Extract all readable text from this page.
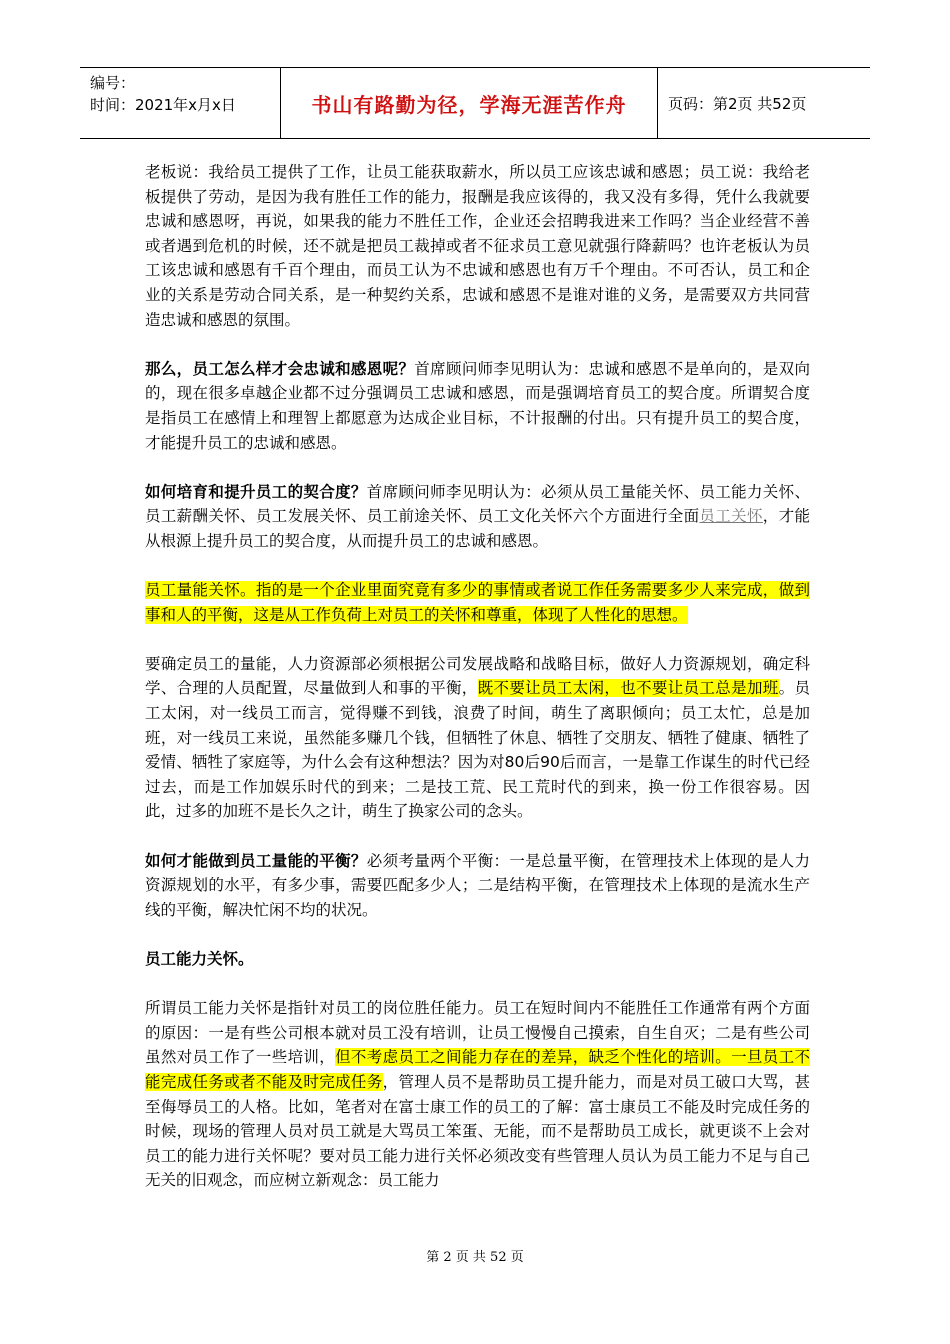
编号：
时间：2021年x月x日	书山有路勤为径，学海无涯苦作舟	页码：第2页 共52页

老板说：我给员工提供了工作，让员工能获取薪水，所以员工应该忠诚和感恩；员工说：我给老板提供了劳动，是因为我有胜任工作的能力，报酬是我应该得的，我又没有多得，凭什么我就要忠诚和感恩呀，再说，如果我的能力不胜任工作，企业还会招聘我进来工作吗？当企业经营不善或者遇到危机的时候，还不就是把员工裁掉或者不征求员工意见就强行降薪吗？也许老板认为员工该忠诚和感恩有千百个理由，而员工认为不忠诚和感恩也有万千个理由。不可否认，员工和企业的关系是劳动合同关系，是一种契约关系，忠诚和感恩不是谁对谁的义务，是需要双方共同营造忠诚和感恩的氛围。

那么，员工怎么样才会忠诚和感恩呢？首席顾问师李见明认为：忠诚和感恩不是单向的，是双向的，现在很多卓越企业都不过分强调员工忠诚和感恩，而是强调培育员工的契合度。所谓契合度是指员工在感情上和理智上都愿意为达成企业目标，不计报酬的付出。只有提升员工的契合度，才能提升员工的忠诚和感恩。

如何培育和提升员工的契合度？首席顾问师李见明认为：必须从员工量能关怀、员工能力关怀、员工薪酬关怀、员工发展关怀、员工前途关怀、员工文化关怀六个方面进行全面员工关怀，才能从根源上提升员工的契合度，从而提升员工的忠诚和感恩。

员工量能关怀。指的是一个企业里面究竟有多少的事情或者说工作任务需要多少人来完成，做到事和人的平衡，这是从工作负荷上对员工的关怀和尊重，体现了人性化的思想。

要确定员工的量能，人力资源部必须根据公司发展战略和战略目标，做好人力资源规划，确定科学、合理的人员配置，尽量做到人和事的平衡，既不要让员工太闲，也不要让员工总是加班。员工太闲，对一线员工而言，觉得赚不到钱，浪费了时间，萌生了离职倾向；员工太忙，总是加班，对一线员工来说，虽然能多赚几个钱，但牺牲了休息、牺牲了交朋友、牺牲了健康、牺牲了爱情、牺牲了家庭等，为什么会有这种想法？因为对80后90后而言，一是靠工作谋生的时代已经过去，而是工作加娱乐时代的到来；二是技工荒、民工荒时代的到来，换一份工作很容易。因此，过多的加班不是长久之计，萌生了换家公司的念头。

如何才能做到员工量能的平衡？必须考量两个平衡：一是总量平衡，在管理技术上体现的是人力资源规划的水平，有多少事，需要匹配多少人；二是结构平衡，在管理技术上体现的是流水生产线的平衡，解决忙闲不均的状况。

员工能力关怀。

所谓员工能力关怀是指针对员工的岗位胜任能力。员工在短时间内不能胜任工作通常有两个方面的原因：一是有些公司根本就对员工没有培训，让员工慢慢自己摸索，自生自灭；二是有些公司虽然对员工作了一些培训，但不考虑员工之间能力存在的差异，缺乏个性化的培训。一旦员工不能完成任务或者不能及时完成任务，管理人员不是帮助员工提升能力，而是对员工破口大骂，甚至侮辱员工的人格。比如，笔者对在富士康工作的员工的了解：富士康员工不能及时完成任务的时候，现场的管理人员对员工就是大骂员工笨蛋、无能，而不是帮助员工成长，就更谈不上会对员工的能力进行关怀呢？要对员工能力进行关怀必须改变有些管理人员认为员工能力不足与自己无关的旧观念，而应树立新观念：员工能力

第 2 页 共 52 页
